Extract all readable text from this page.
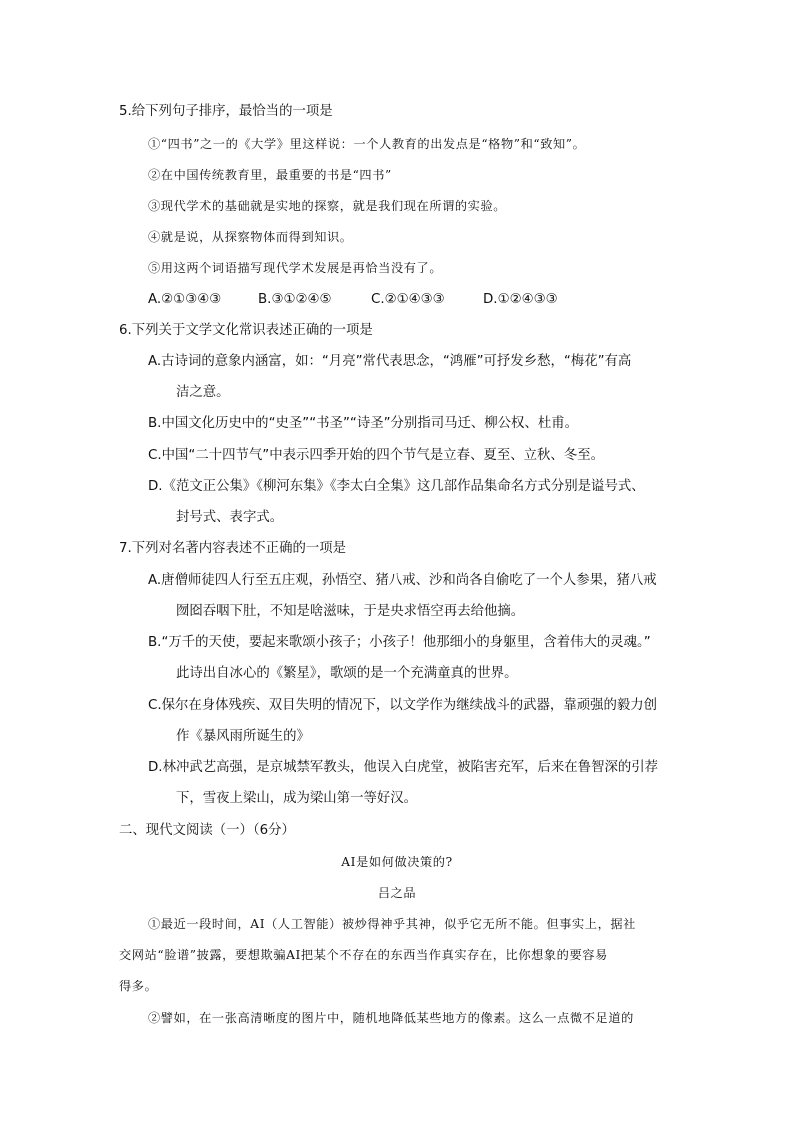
5.给下列句子排序，最恰当的一项是
①“四书”之一的《大学》里这样说：一个人教育的出发点是“格物”和“致知”。
②在中国传统教育里，最重要的书是“四书”
③现代学术的基础就是实地的探察，就是我们现在所谓的实验。
④就是说，从探察物体而得到知识。
⑤用这两个词语描写现代学术发展是再恰当没有了。
A.②①③④③	B.③①②④⑤	C.②①④③③	D.①②④③③
6.下列关于文学文化常识表述正确的一项是
A.古诗词的意象内涵富，如：“月亮”常代表思念，“鸿雁”可抒发乡愁，“梅花”有高
洁之意。
B.中国文化历史中的“史圣”“书圣”“诗圣”分别指司马迁、柳公权、杜甫。
C.中国“二十四节气”中表示四季开始的四个节气是立春、夏至、立秋、冬至。
D.《范文正公集》《柳河东集》《李太白全集》这几部作品集命名方式分别是谥号式、
封号式、表字式。
7.下列对名著内容表述不正确的一项是
A.唐僧师徒四人行至五庄观，孙悟空、猪八戒、沙和尚各自偷吃了一个人参果，猪八戒
囫囵吞咽下肚，不知是啥滋味，于是央求悟空再去给他摘。
B.“万千的天使，要起来歌颂小孩子；小孩子！他那细小的身躯里，含着伟大的灵魂。”
此诗出自冰心的《繁星》，歌颂的是一个充满童真的世界。
C.保尔在身体残疾、双目失明的情况下，以文学作为继续战斗的武器，靠顽强的毅力创
作《暴风雨所诞生的》
D.林冲武艺高强，是京城禁军教头，他误入白虎堂，被陷害充军，后来在鲁智深的引荐
下，雪夜上梁山，成为梁山第一等好汉。
二、现代文阅读（一）（6分）
AI是如何做决策的?
吕之品
①最近一段时间，AI（人工智能）被炒得神乎其神，似乎它无所不能。但事实上，据社
交网站“脸谱”披露，要想欺骗AI把某个不存在的东西当作真实存在，比你想象的要容易
得多。
②譬如，在一张高清晰度的图片中，随机地降低某些地方的像素。这么一点微不足道的
